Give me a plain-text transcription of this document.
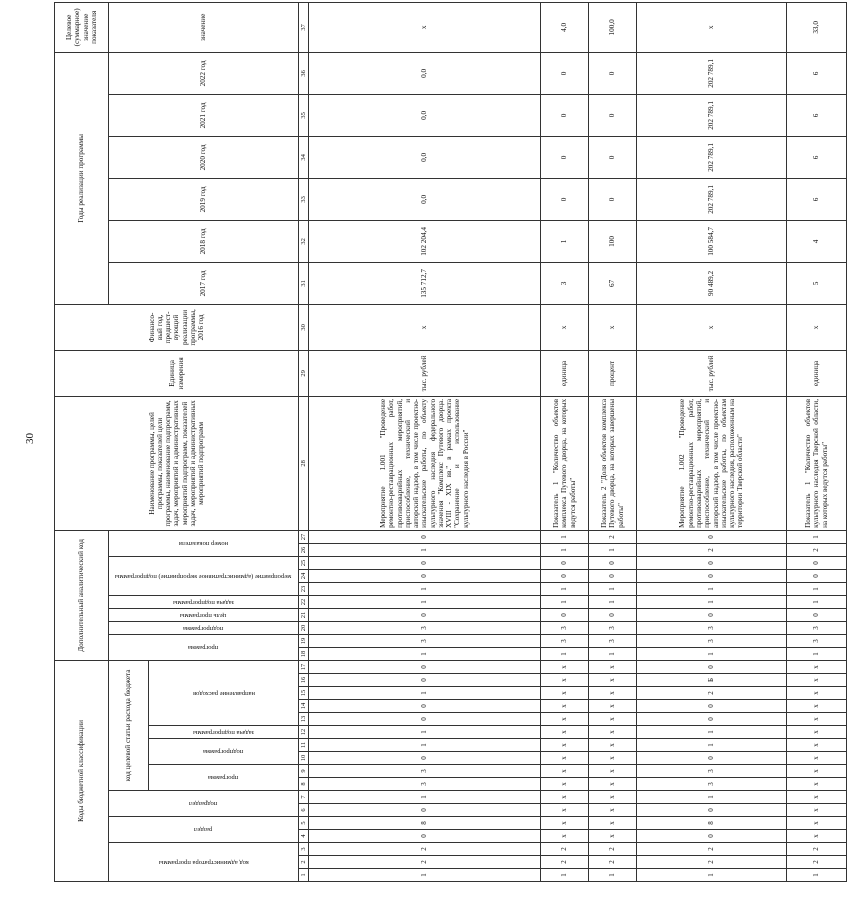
30
Коды бюджетной классификации																	Дополнительный аналитический код										Наименование программы, целей программы, показателей цели программы, наименование подпрограмм, задач, мероприятий и административных мероприятий подпрограмм, показателей задач, мероприятий и административных мероприятий подпрограмм	Единица измерения	Финансо-вый год, предшест-вующий реализации программы, 2016 год	Годы реализации программы						Целевое (суммарное) значение показателя

код администратора программы			раздел		подраздел		код целевой статьи расхода бюджета										программа		подпрограмма	цель программы	задача подпрограммы	мероприятие (административное мероприятие) подпрограммы			номер показателя					2017 год	2018 год	2019 год	2020 год	2021 год	2022 год	значение

							программа		подпрограмма		задача подпрограммы	направление расходов																								

1	2	3	4	5	6	7	8	9	10	11	12	13	14	15	16	17	18	19	20	21	22	23	24	25	26	27	28	29	30	31	32	33	34	35	36	37
1	2	2	0	8	0	1	3	3	0	1	1	0	0	1	0	0	1	3	3	0	1	1	0	0	1	0	Мероприятие 1.001 "Проведение ремонтно-реставрационных работ, противоаварийных мероприятий, приспособление, технический и авторский надзор, в том числе проектно-изыскательские работы, по объекту культурного наследия федерального значения "Комплекс Путевого дворца. XVIII - XIX вв." в рамках проекта "Сохранение и использование культурного наследия в России"	тыс. рублей	x	135 712,7	102 204,4	0,0	0,0	0,0	0,0	x
1	2	2	x	x	x	x	x	x	x	x	x	x	x	x	x	x	1	3	3	0	1	1	0	0	1	1	Показатель 1 "Количество объектов комплекса Путевого дворца, на которых ведутся работы"	единица	x	3	1	0	0	0	0	4,0
1	2	2	x	x	x	x	x	x	x	x	x	x	x	x	x	x	1	3	3	0	1	1	0	0	1	2	Показатель 2 "Доля объектов комплекса Путевого дворца, на которых завершены работы"	процент	x	67	100	0	0	0	0	100,0
1	2	2	0	8	0	1	3	3	0	1	1	0	0	2	Б	0	1	3	3	0	1	1	0	0	2	0	Мероприятие 1.002 "Проведение ремонтно-реставрационных работ, противоаварийных мероприятий, приспособление, технический и авторский надзор, в том числе проектно-изыскательские работы, по объектам культурного наследия, расположенным на территории Тверской области"	тыс. рублей	x	90 489,2	100 584,7	202 789,1	202 789,1	202 789,1	202 789,1	x
1	2	2	x	x	x	x	x	x	x	x	x	x	x	x	x	x	1	3	3	0	1	1	0	0	2	1	Показатель 1 "Количество объектов культурного наследия Тверской области, на которых ведутся работы"	единица	x	5	4	6	6	6	6	33,0
